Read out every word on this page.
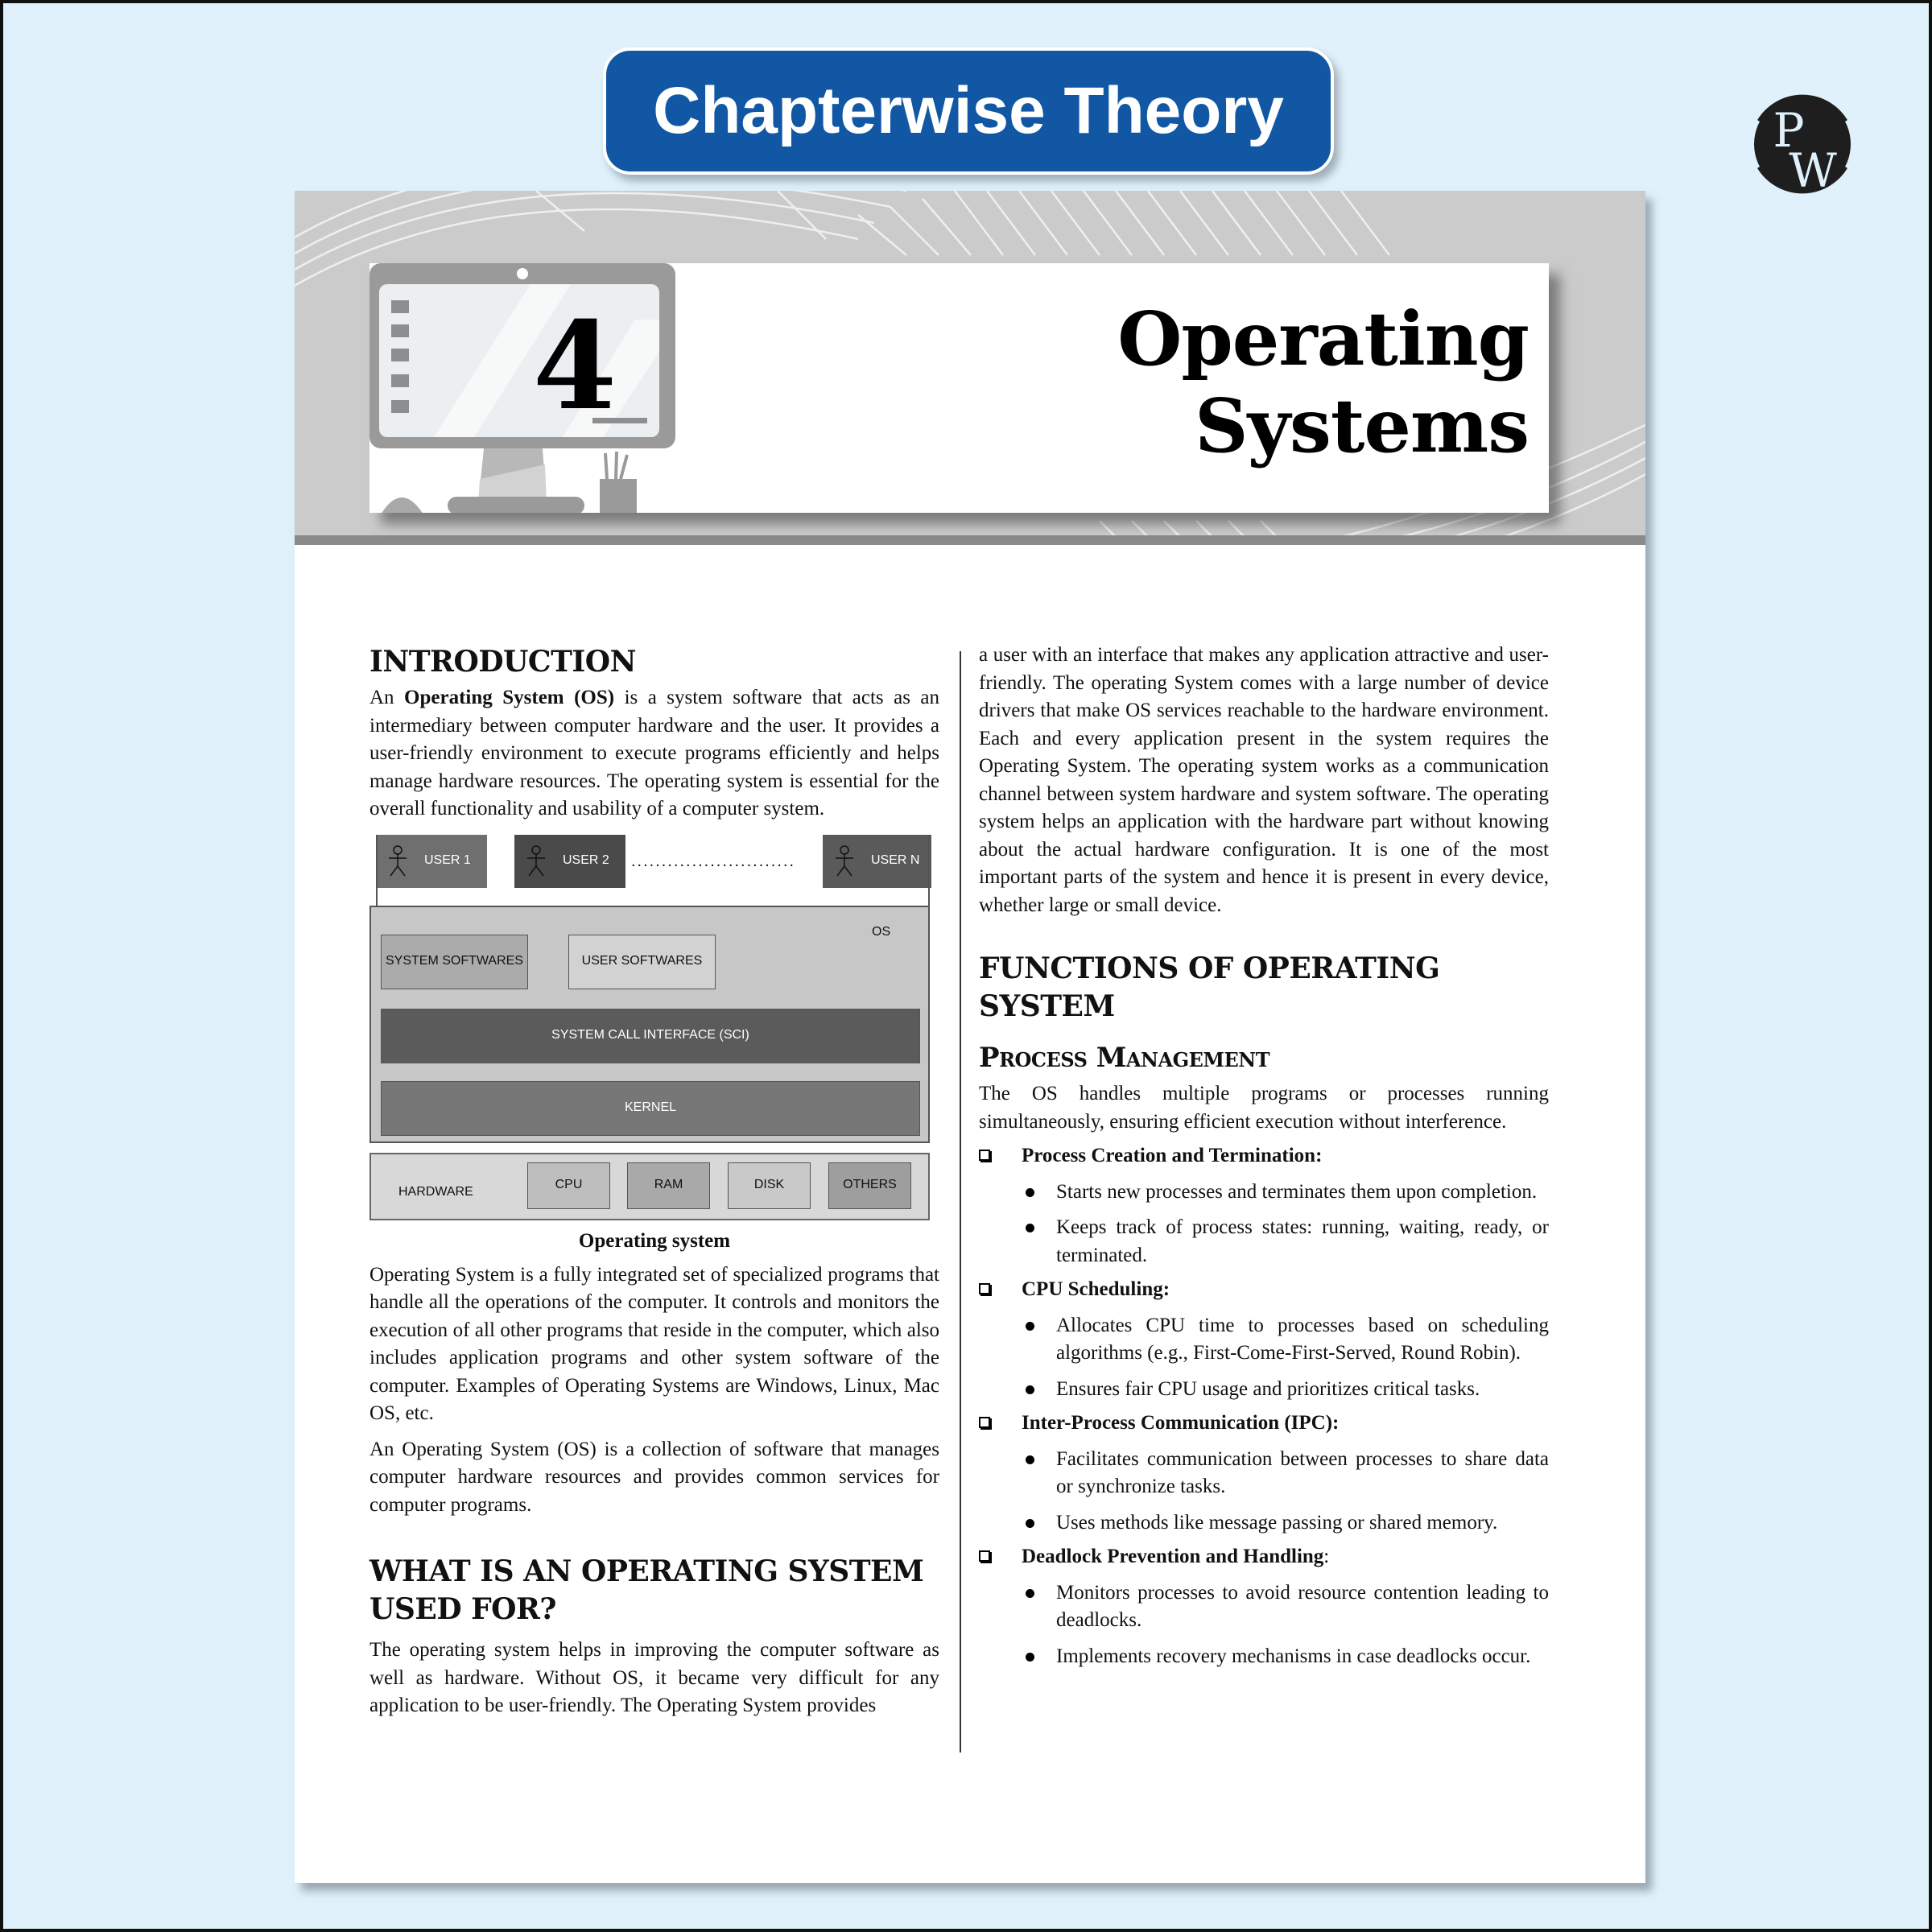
Chapterwise Theory	P
W
4	Operating Systems
INTRODUCTION

An Operating System (OS) is a system software that acts as an intermediary between computer hardware and the user. It provides a user-friendly environment to execute programs efficiently and helps manage hardware resources. The operating system is essential for the overall functionality and usability of a computer system.

USER 1	USER 2 ...........................	USER N
OS
SYSTEM SOFTWARES	USER SOFTWARES
SYSTEM CALL INTERFACE (SCI)
KERNEL
HARDWARE	CPU	RAM	DISK	OTHERS
Operating system

Operating System is a fully integrated set of specialized programs that handle all the operations of the computer. It controls and monitors the execution of all other programs that reside in the computer, which also includes application programs and other system software of the computer. Examples of Operating Systems are Windows, Linux, Mac OS, etc.

An Operating System (OS) is a collection of software that manages computer hardware resources and provides common services for computer programs.

WHAT IS AN OPERATING SYSTEM
USED FOR?

The operating system helps in improving the computer software as well as hardware. Without OS, it became very difficult for any application to be user-friendly. The Operating System provides

a user with an interface that makes any application attractive and user-friendly. The operating System comes with a large number of device drivers that make OS services reachable to the hardware environment. Each and every application present in the system requires the Operating System. The operating system works as a communication channel between system hardware and system software. The operating system helps an application with the hardware part without knowing about the actual hardware configuration. It is one of the most important parts of the system and hence it is present in every device, whether large or small device.

FUNCTIONS OF OPERATING
SYSTEM
Process Management

The OS handles multiple programs or processes running simultaneously, ensuring efficient execution without interference.

Process Creation and Termination:
Starts new processes and terminates them upon completion.
Keeps track of process states: running, waiting, ready, or terminated.
CPU Scheduling:
Allocates CPU time to processes based on scheduling algorithms (e.g., First-Come-First-Served, Round Robin).
Ensures fair CPU usage and prioritizes critical tasks.
Inter-Process Communication (IPC):
Facilitates communication between processes to share data or synchronize tasks.
Uses methods like message passing or shared memory.
Deadlock Prevention and Handling:
Monitors processes to avoid resource contention leading to deadlocks.
Implements recovery mechanisms in case deadlocks occur.
